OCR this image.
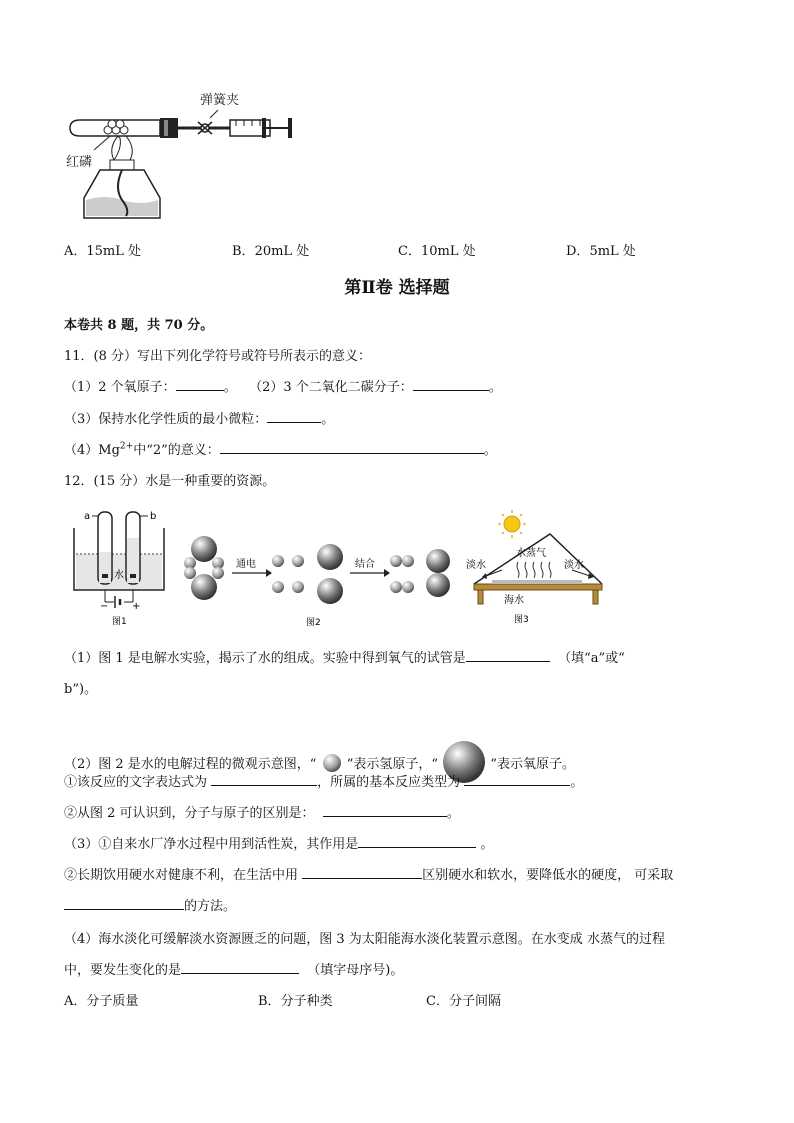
红磷
弹簧夹
A．15mL 处	B．20mL 处	C．10mL 处	D．5mL 处
第Ⅱ卷 选择题
本卷共 8 题，共 70 分。
11．(8 分）写出下列化学符号或符号所表示的意义：
（1）2 个氧原子：	。 （2）3 个二氧化二碳分子：	。
（3）保持水化学性质的最小微粒：	。
$(4)Mg^{2+}$中“2”的意义：	。
12．(15 分）水是一种重要的资源。
a	b
水
− +
图1
通电	结合
图2
淡水
水蒸气
淡水
海水
图3
（1）图 1 是电解水实验，揭示了水的组成。实验中得到氧气的试管是	（填“a”或“
b”)。
（2）图 2 是水的电解过程的微观示意图，“ ”表示氢原子，“	”表示氧原子。
①该反应的文字表达式为	，所属的基本反应类型为	。
②从图 2 可认识到，分子与原子的区别是：	。
（3）①自来水厂净水过程中用到活性炭，其作用是	。
②长期饮用硬水对健康不利，在生活中用	区别硬水和软水，要降低水的硬度， 可采取
的方法。
（4）海水淡化可缓解淡水资源匮乏的问题，图 3 为太阳能海水淡化装置示意图。在水变成 水蒸气的过程
中，要发生变化的是	（填字母序号)。
A．分子质量	B．分子种类	C．分子间隔
